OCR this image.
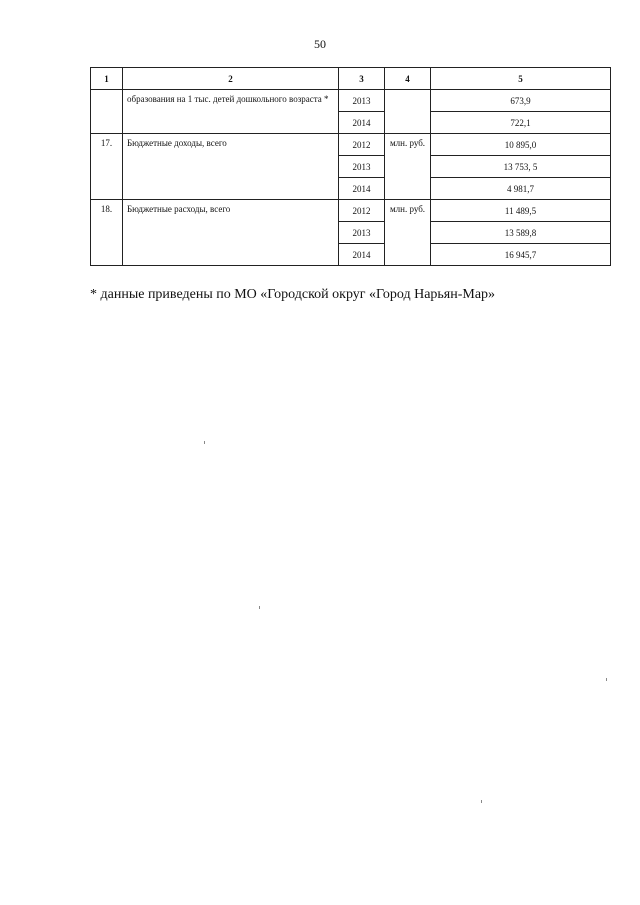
50
1	2	3	4	5
	образования на 1 тыс. детей дошкольного возраста *	2013		673,9
		2014		722,1
17.	Бюджетные доходы, всего	2012	млн. руб.	10 895,0
		2013		13 753, 5
		2014		4 981,7
18.	Бюджетные расходы, всего	2012	млн. руб.	11 489,5
		2013		13 589,8
		2014		16 945,7
* данные приведены по МО «Городской округ «Город Нарьян-Мар»
